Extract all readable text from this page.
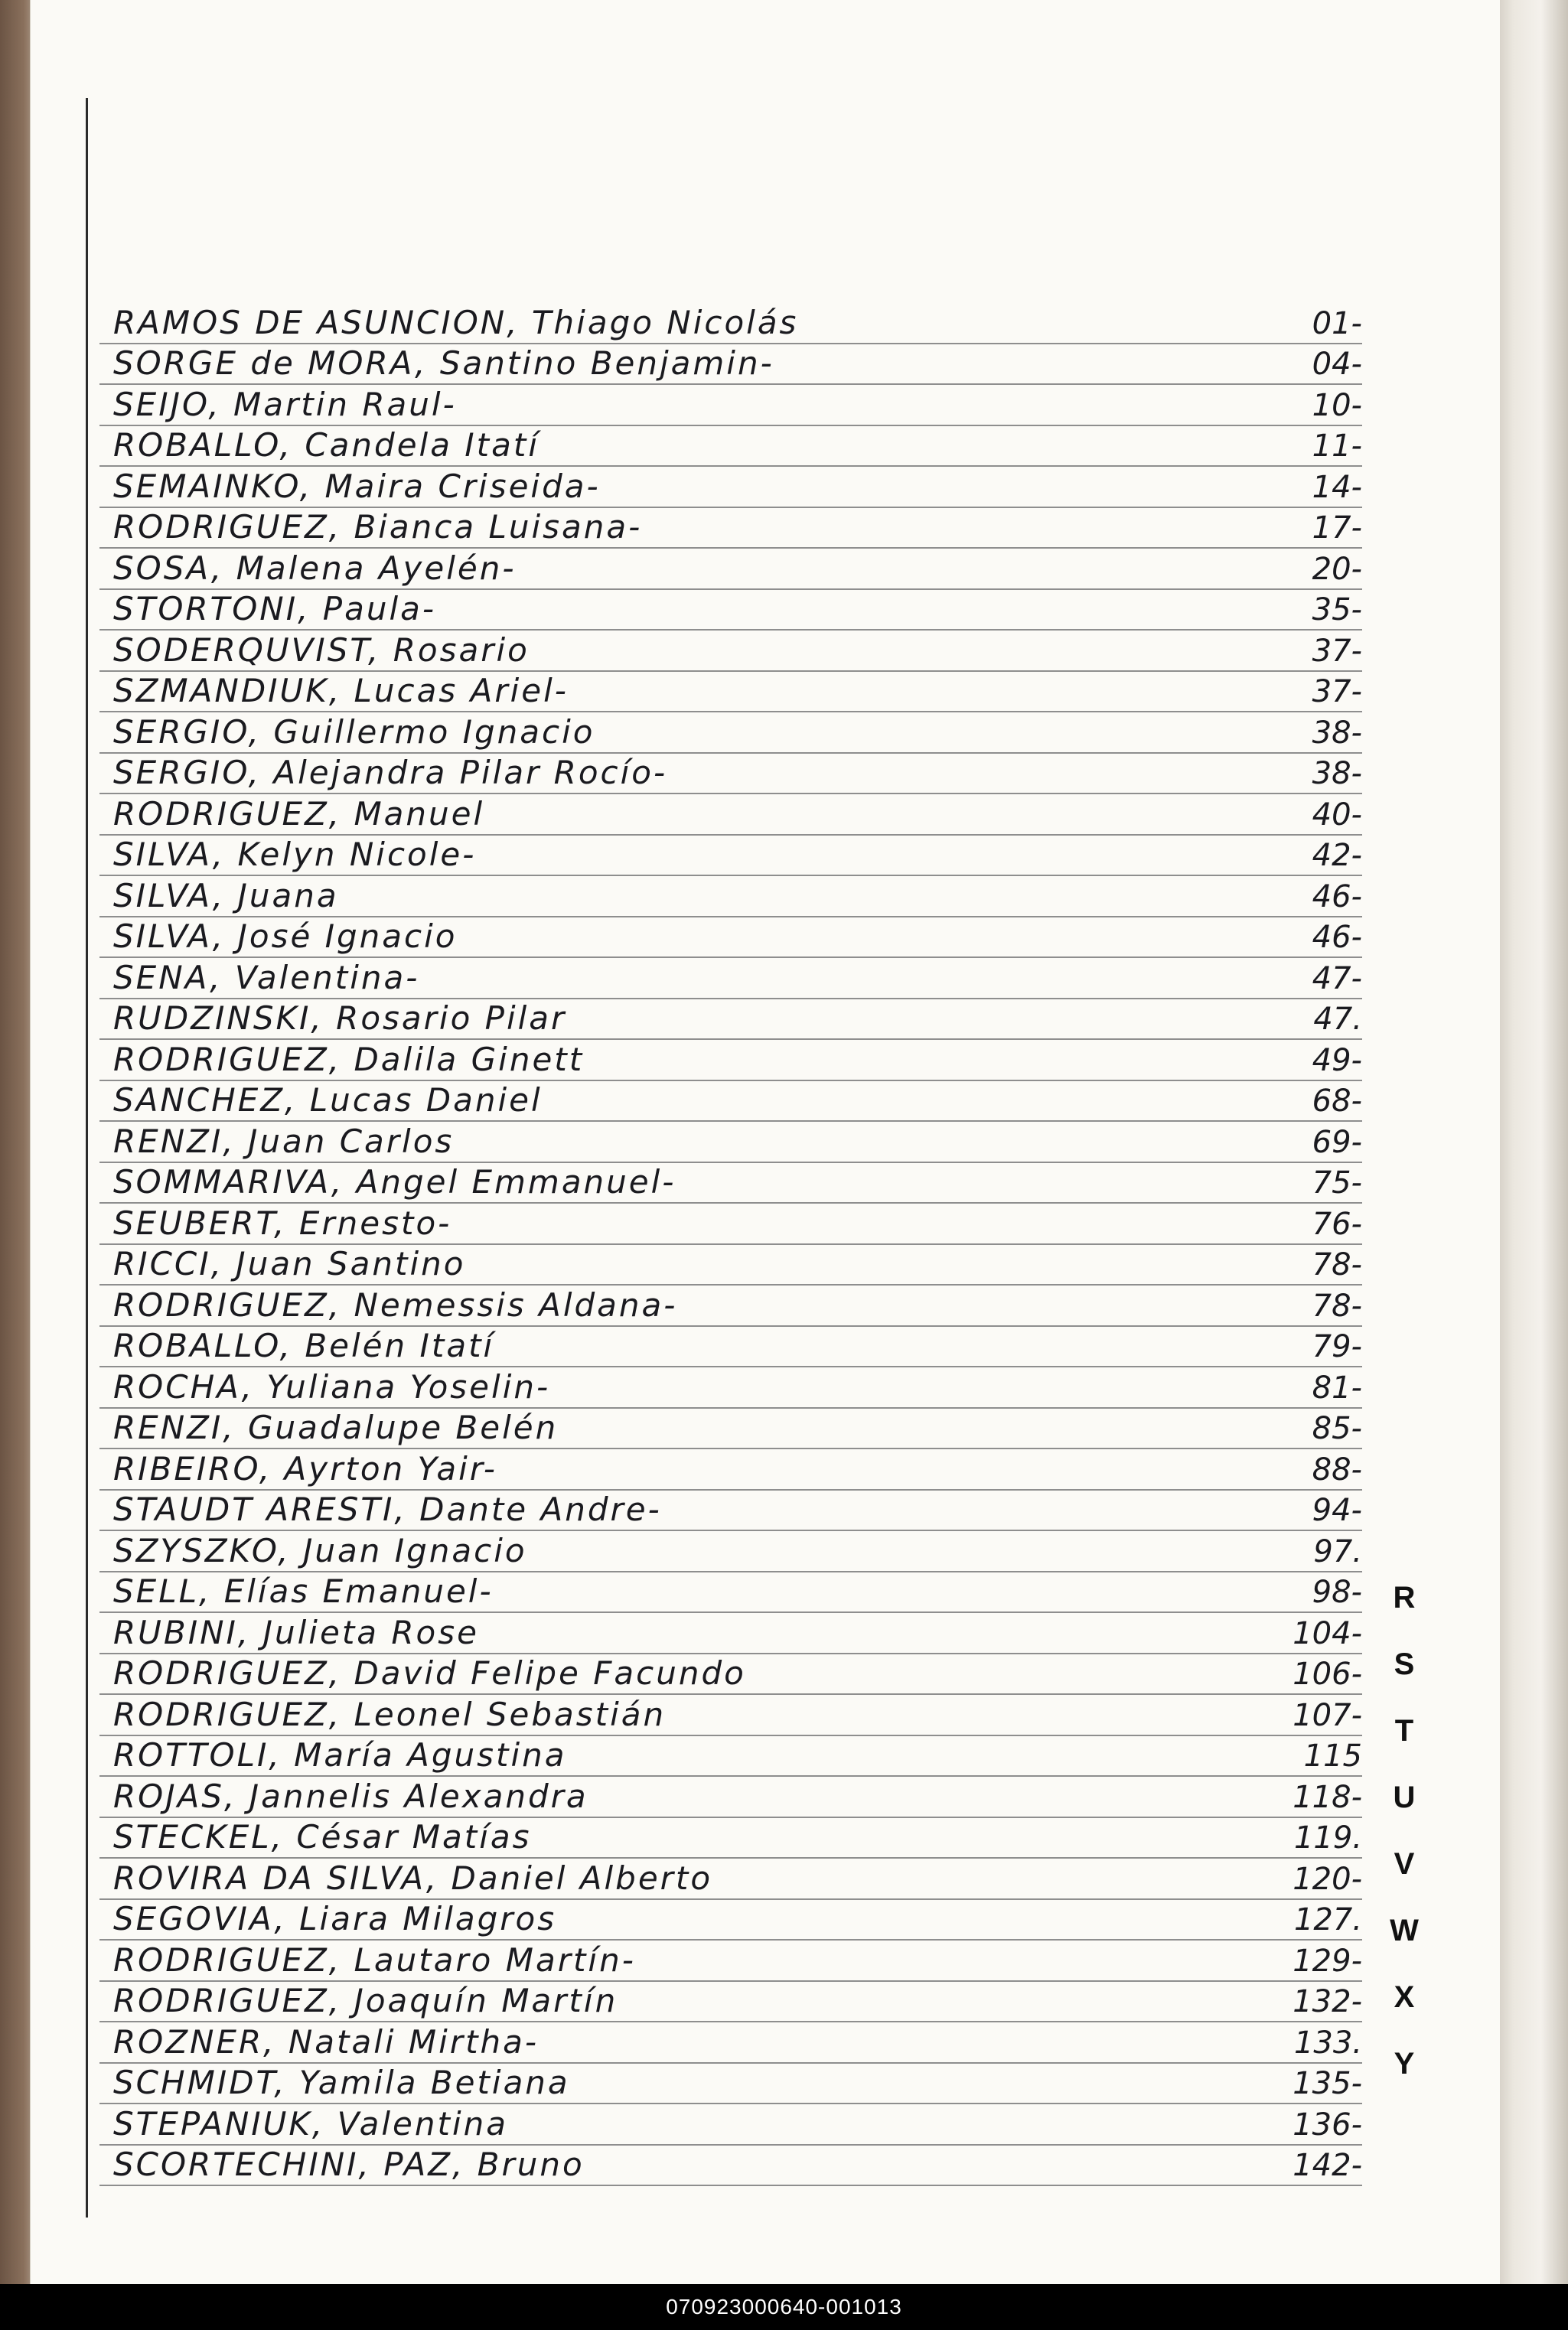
RAMOS DE ASUNCION, Thiago Nicolás	01-
SORGE de MORA, Santino Benjamin-	04-
SEIJO, Martin Raul-	10-
ROBALLO, Candela Itatí	11-
SEMAINKO, Maira Criseida-	14-
RODRIGUEZ, Bianca Luisana-	17-
SOSA, Malena Ayelén-	20-
STORTONI, Paula-	35-
SODERQUVIST, Rosario	37-
SZMANDIUK, Lucas Ariel-	37-
SERGIO, Guillermo Ignacio	38-
SERGIO, Alejandra Pilar Rocío-	38-
RODRIGUEZ, Manuel	40-
SILVA, Kelyn Nicole-	42-
SILVA, Juana	46-
SILVA, José Ignacio	46-
SENA, Valentina-	47-
RUDZINSKI, Rosario Pilar	47.
RODRIGUEZ, Dalila Ginett	49-
SANCHEZ, Lucas Daniel	68-
RENZI, Juan Carlos	69-
SOMMARIVA, Angel Emmanuel-	75-
SEUBERT, Ernesto-	76-
RICCI, Juan Santino	78-
RODRIGUEZ, Nemessis Aldana-	78-
ROBALLO, Belén Itatí	79-
ROCHA, Yuliana Yoselin-	81-
RENZI, Guadalupe Belén	85-
RIBEIRO, Ayrton Yair-	88-
STAUDT ARESTI, Dante Andre-	94-
SZYSZKO, Juan Ignacio	97.
SELL, Elías Emanuel-	98-
RUBINI, Julieta Rose	104-
RODRIGUEZ, David Felipe Facundo	106-
RODRIGUEZ, Leonel Sebastián	107-
ROTTOLI, María Agustina	115
ROJAS, Jannelis Alexandra	118-
STECKEL, César Matías	119.
ROVIRA DA SILVA, Daniel Alberto	120-
SEGOVIA, Liara Milagros	127.
RODRIGUEZ, Lautaro Martín-	129-
RODRIGUEZ, Joaquín Martín	132-
ROZNER, Natali Mirtha-	133.
SCHMIDT, Yamila Betiana	135-
STEPANIUK, Valentina	136-
SCORTECHINI, PAZ, Bruno	142-
R
S
T
U
V
W
X
Y
070923000640-001013
